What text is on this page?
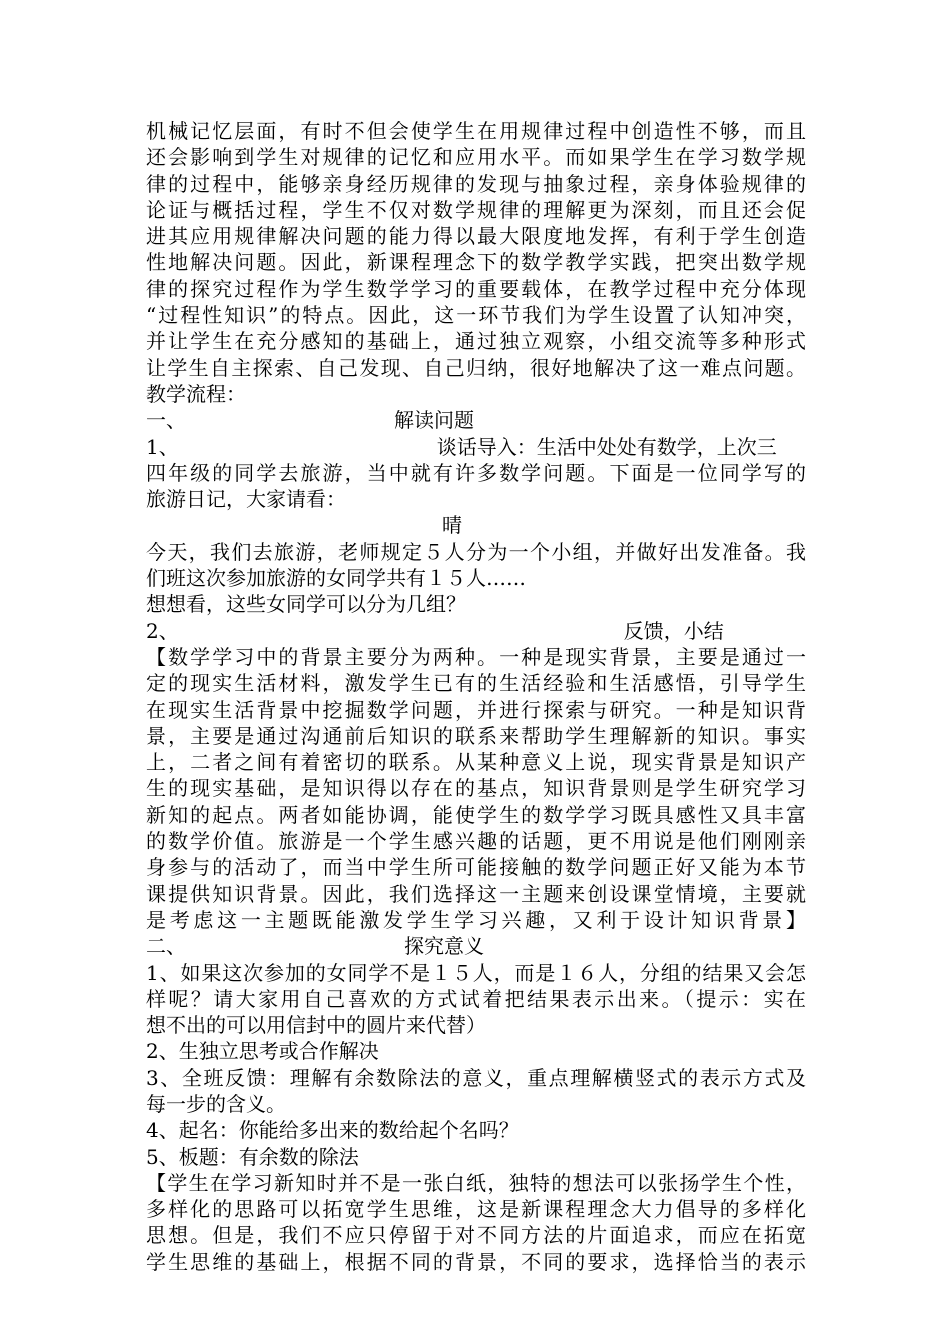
机械记忆层面，有时不但会使学生在用规律过程中创造性不够，而且
还会影响到学生对规律的记忆和应用水平。而如果学生在学习数学规
律的过程中，能够亲身经历规律的发现与抽象过程，亲身体验规律的
论证与概括过程，学生不仅对数学规律的理解更为深刻，而且还会促
进其应用规律解决问题的能力得以最大限度地发挥，有利于学生创造
性地解决问题。因此，新课程理念下的数学教学实践，把突出数学规
律的探究过程作为学生数学学习的重要载体，在教学过程中充分体现
“过程性知识”的特点。因此，这一环节我们为学生设置了认知冲突，
并让学生在充分感知的基础上，通过独立观察，小组交流等多种形式
让学生自主探索、自己发现、自己归纳，很好地解决了这一难点问题。
教学流程：
一、	解读问题
1、	谈话导入：生活中处处有数学，上次三
四年级的同学去旅游，当中就有许多数学问题。下面是一位同学写的
旅游日记，大家请看：
晴
今天，我们去旅游，老师规定５人分为一个小组，并做好出发准备。我
们班这次参加旅游的女同学共有１５人……
想想看，这些女同学可以分为几组？
2、	反馈，小结
【数学学习中的背景主要分为两种。一种是现实背景，主要是通过一
定的现实生活材料，激发学生已有的生活经验和生活感悟，引导学生
在现实生活背景中挖掘数学问题，并进行探索与研究。一种是知识背
景，主要是通过沟通前后知识的联系来帮助学生理解新的知识。事实
上，二者之间有着密切的联系。从某种意义上说，现实背景是知识产
生的现实基础，是知识得以存在的基点，知识背景则是学生研究学习
新知的起点。两者如能协调，能使学生的数学学习既具感性又具丰富
的数学价值。旅游是一个学生感兴趣的话题，更不用说是他们刚刚亲
身参与的活动了，而当中学生所可能接触的数学问题正好又能为本节
课提供知识背景。因此，我们选择这一主题来创设课堂情境，主要就
是考虑这一主题既能激发学生学习兴趣，又利于设计知识背景】
二、	探究意义
1、如果这次参加的女同学不是１５人，而是１６人，分组的结果又会怎
样呢？请大家用自己喜欢的方式试着把结果表示出来。（提示：实在
想不出的可以用信封中的圆片来代替）
2、生独立思考或合作解决
3、全班反馈：理解有余数除法的意义，重点理解横竖式的表示方式及
每一步的含义。
4、起名：你能给多出来的数给起个名吗？
5、板题：有余数的除法
【学生在学习新知时并不是一张白纸，独特的想法可以张扬学生个性，
多样化的思路可以拓宽学生思维，这是新课程理念大力倡导的多样化
思想。但是，我们不应只停留于对不同方法的片面追求，而应在拓宽
学生思维的基础上，根据不同的背景，不同的要求，选择恰当的表示
